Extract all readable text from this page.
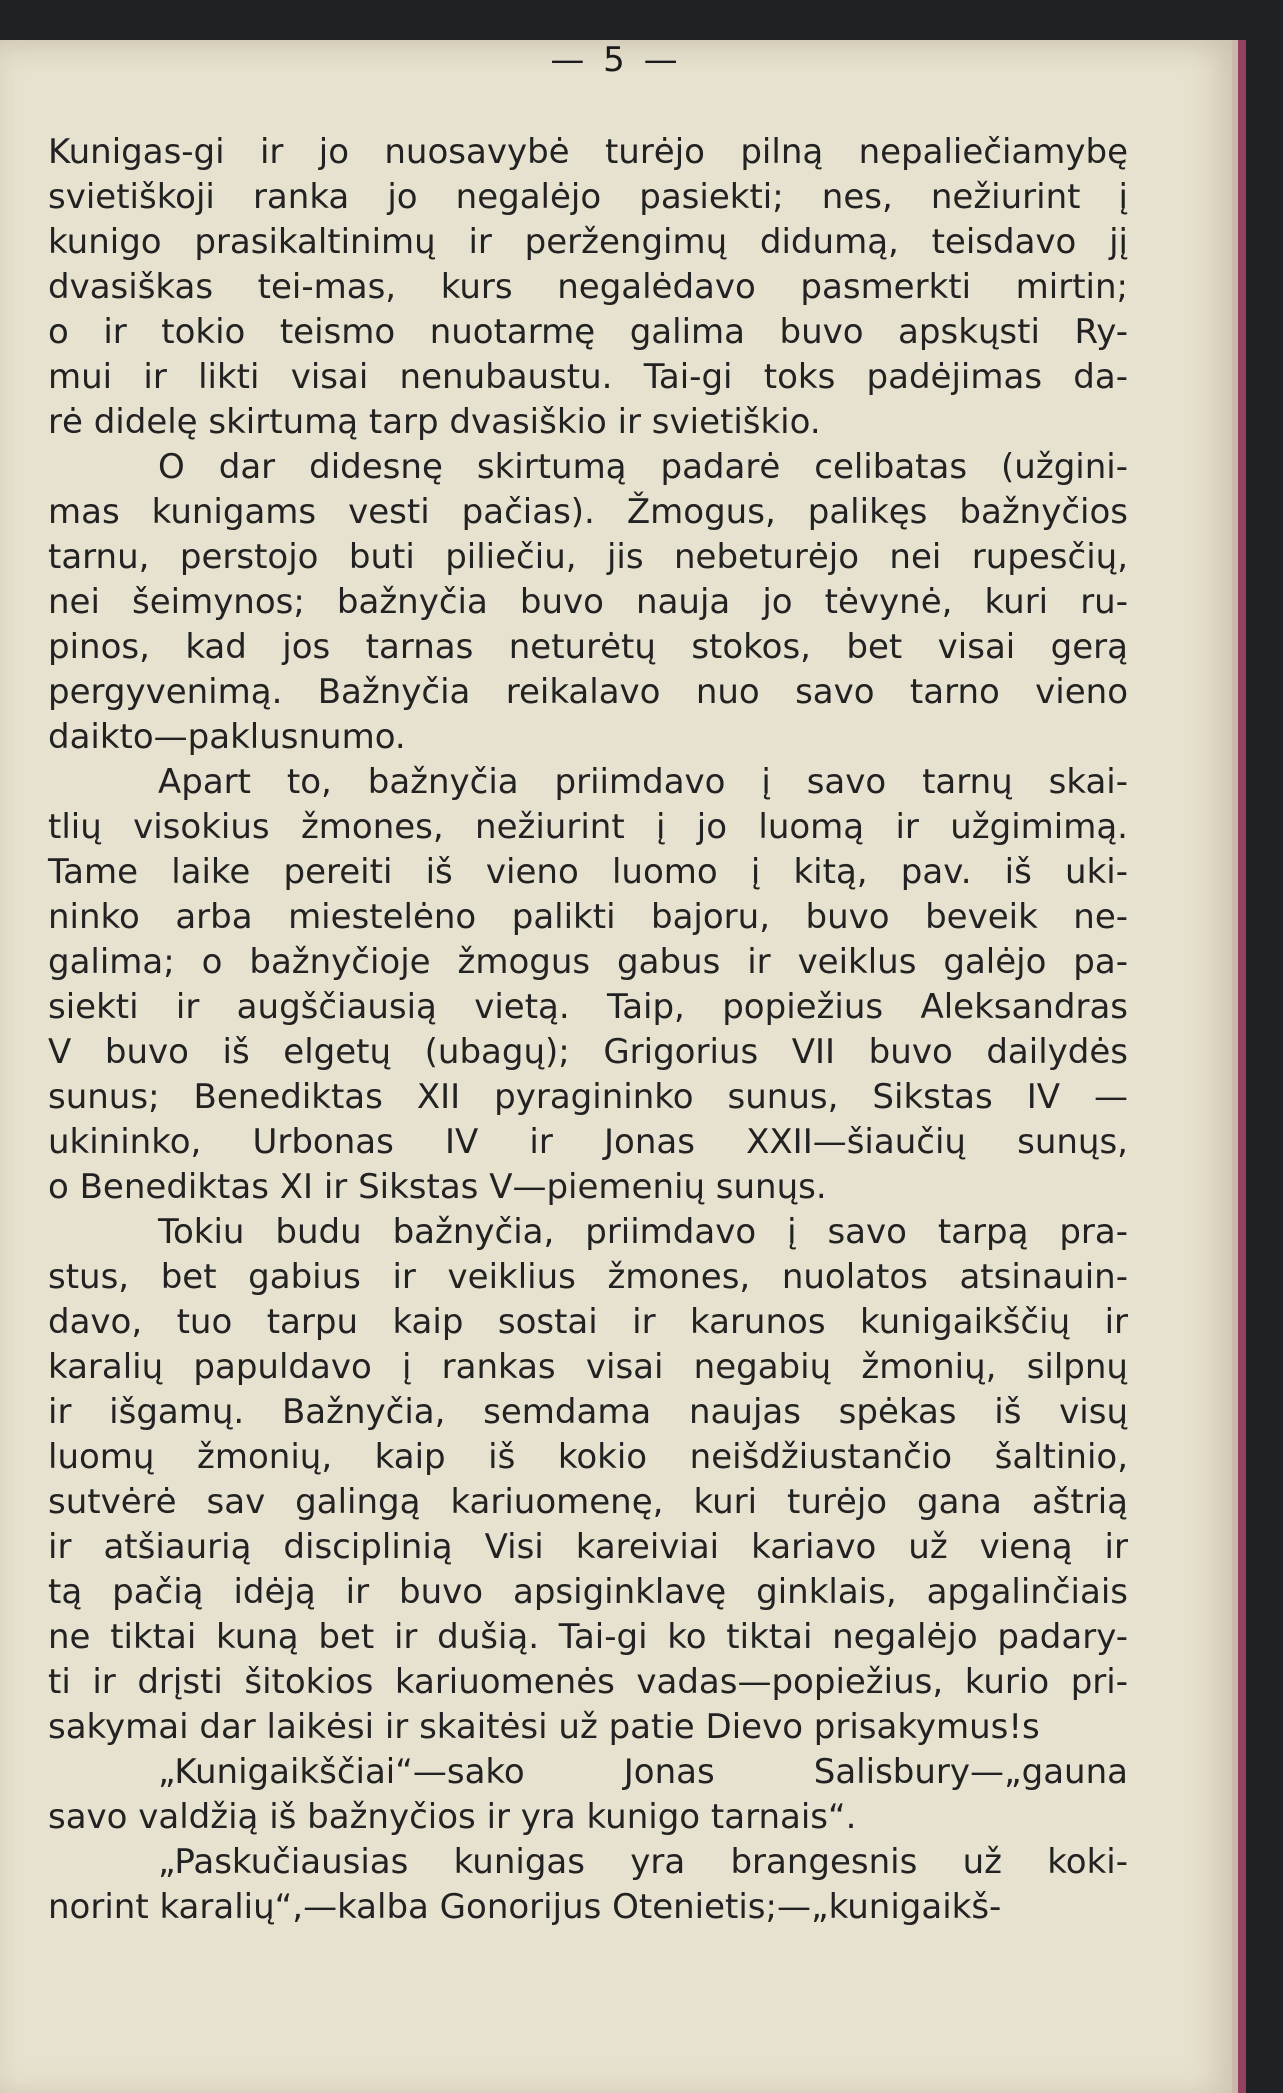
— 5 —
Kunigas-gi ir jo nuosavybė turėjo pilną nepaliečiamybę
svietiškoji ranka jo negalėjo pasiekti; nes, nežiurint į
kunigo prasikaltinimų ir peržengimų didumą, teisdavo jį
dvasiškas tei-mas, kurs negalėdavo pasmerkti mirtin;
o ir tokio teismo nuotarmę galima buvo apskųsti Ry-
mui ir likti visai nenubaustu. Tai-gi toks padėjimas da-
rė didelę skirtumą tarp dvasiškio ir svietiškio.
O dar didesnę skirtumą padarė celibatas (užgini-
mas kunigams vesti pačias). Žmogus, palikęs bažnyčios
tarnu, perstojo buti piliečiu, jis nebeturėjo nei rupesčių,
nei šeimynos; bažnyčia buvo nauja jo tėvynė, kuri ru-
pinos, kad jos tarnas neturėtų stokos, bet visai gerą
pergyvenimą. Bažnyčia reikalavo nuo savo tarno vieno
daikto—paklusnumo.
Apart to, bažnyčia priimdavo į savo tarnų skai-
tlių visokius žmones, nežiurint į jo luomą ir užgimimą.
Tame laike pereiti iš vieno luomo į kitą, pav. iš uki-
ninko arba miestelėno palikti bajoru, buvo beveik ne-
galima; o bažnyčioje žmogus gabus ir veiklus galėjo pa-
siekti ir augščiausią vietą. Taip, popiežius Aleksandras
V buvo iš elgetų (ubagų); Grigorius VII buvo dailydės
sunus; Benediktas XII pyragininko sunus, Sikstas IV —
ukininko, Urbonas IV ir Jonas XXII—šiaučių sunųs,
o Benediktas XI ir Sikstas V—piemenių sunųs.
Tokiu budu bažnyčia, priimdavo į savo tarpą pra-
stus, bet gabius ir veiklius žmones, nuolatos atsinauin-
davo, tuo tarpu kaip sostai ir karunos kunigaikščių ir
karalių papuldavo į rankas visai negabių žmonių, silpnų
ir išgamų. Bažnyčia, semdama naujas spėkas iš visų
luomų žmonių, kaip iš kokio neišdžiustančio šaltinio,
sutvėrė sav galingą kariuomenę, kuri turėjo gana aštrią
ir atšiaurią disciplinią Visi kareiviai kariavo už vieną ir
tą pačią idėją ir buvo apsiginklavę ginklais, apgalinčiais
ne tiktai kuną bet ir dušią. Tai-gi ko tiktai negalėjo padary-
ti ir drįsti šitokios kariuomenės vadas—popiežius, kurio pri-
sakymai dar laikėsi ir skaitėsi už patie Dievo prisakymus!s
„Kunigaikščiai“—sako Jonas Salisbury—„gauna
savo valdžią iš bažnyčios ir yra kunigo tarnais“.
„Paskučiausias kunigas yra brangesnis už koki-
norint karalių“,—kalba Gonorijus Otenietis;—„kunigaikš-
